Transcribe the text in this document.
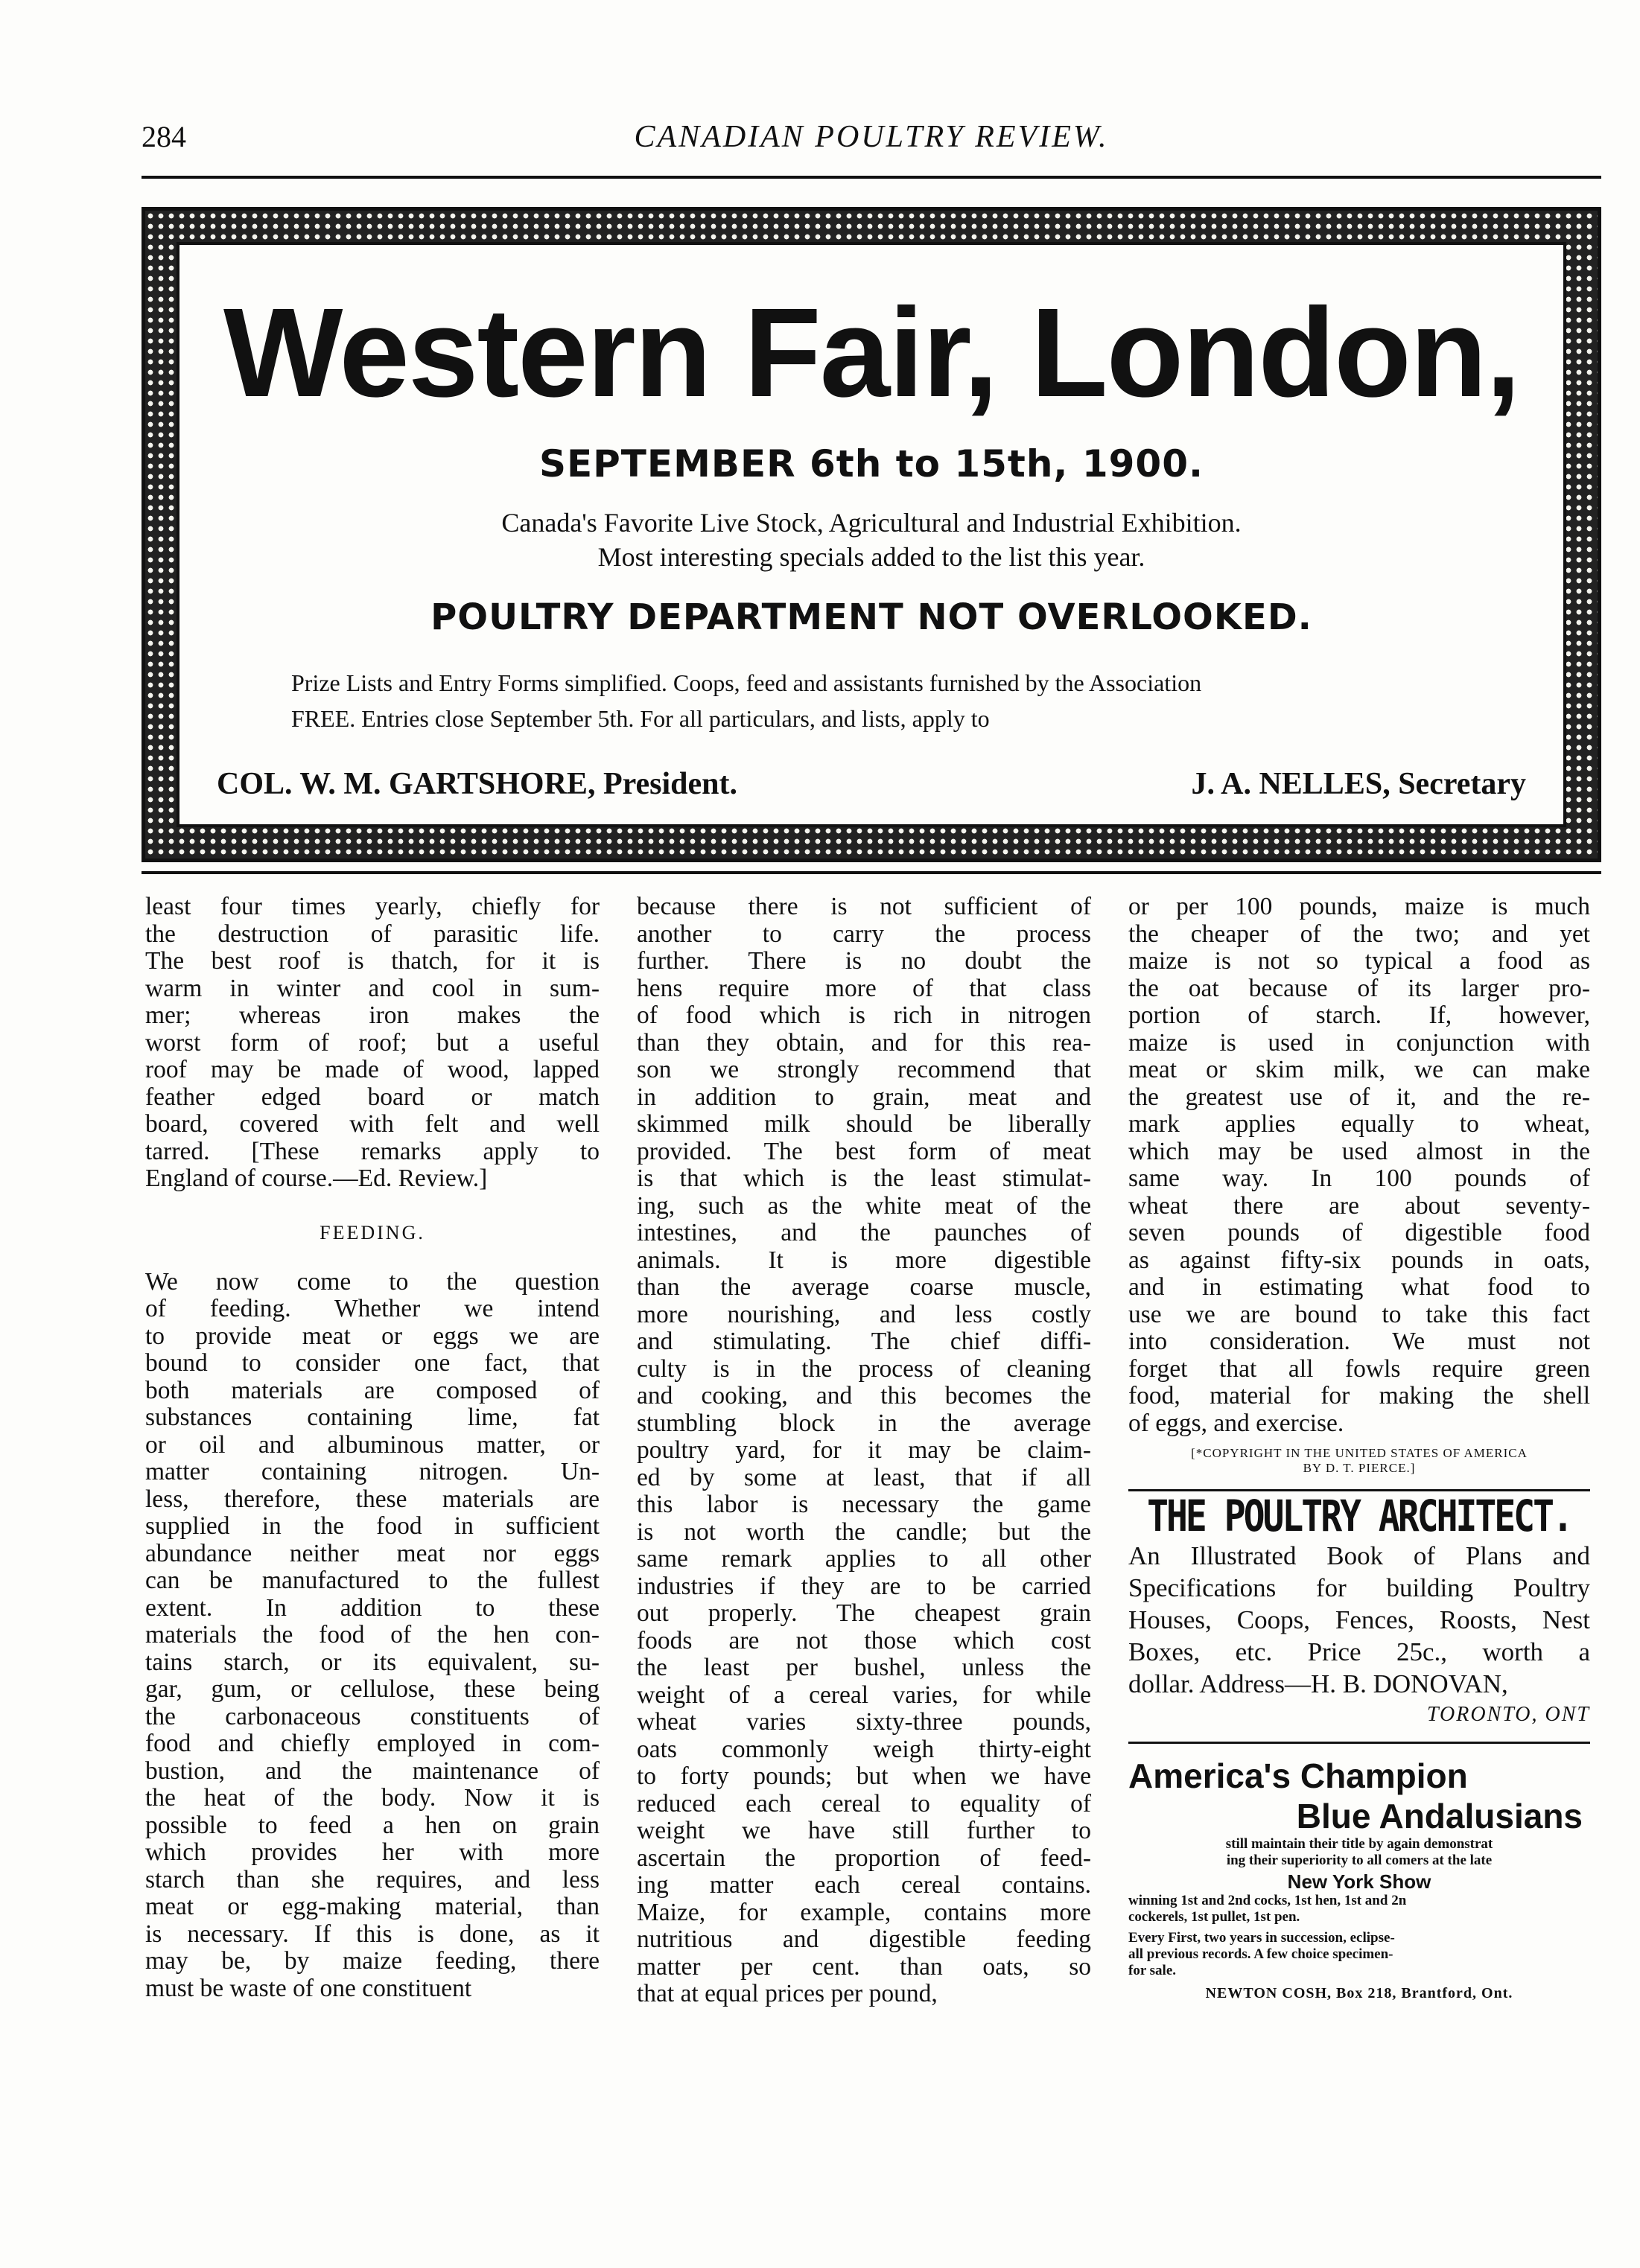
284	CANADIAN POULTRY REVIEW.
Western Fair, London,
SEPTEMBER 6th to 15th, 1900.
Canada's Favorite Live Stock, Agricultural and Industrial Exhibition.
Most interesting specials added to the list this year.
POULTRY DEPARTMENT NOT OVERLOOKED.
Prize Lists and Entry Forms simplified. Coops, feed and assistants furnished by the Association
FREE. Entries close September 5th. For all particulars, and lists, apply to
COL. W. M. GARTSHORE, President.	J. A. NELLES, Secretary
least four times yearly, chiefly for
the destruction of parasitic life.
The best roof is thatch, for it is
warm in winter and cool in sum-
mer; whereas iron makes the
worst form of roof; but a useful
roof may be made of wood, lapped
feather edged board or match
board, covered with felt and well
tarred. [These remarks apply to
England of course.—Ed. Review.]
FEEDING.
We now come to the question
of feeding. Whether we intend
to provide meat or eggs we are
bound to consider one fact, that
both materials are composed of
substances containing lime, fat
or oil and albuminous matter, or
matter containing nitrogen. Un-
less, therefore, these materials are
supplied in the food in sufficient
abundance neither meat nor eggs
can be manufactured to the fullest
extent. In addition to these
materials the food of the hen con-
tains starch, or its equivalent, su-
gar, gum, or cellulose, these being
the carbonaceous constituents of
food and chiefly employed in com-
bustion, and the maintenance of
the heat of the body. Now it is
possible to feed a hen on grain
which provides her with more
starch than she requires, and less
meat or egg-making material, than
is necessary. If this is done, as it
may be, by maize feeding, there
must be waste of one constituent
because there is not sufficient of
another to carry the process
further. There is no doubt the
hens require more of that class
of food which is rich in nitrogen
than they obtain, and for this rea-
son we strongly recommend that
in addition to grain, meat and
skimmed milk should be liberally
provided. The best form of meat
is that which is the least stimulat-
ing, such as the white meat of the
intestines, and the paunches of
animals. It is more digestible
than the average coarse muscle,
more nourishing, and less costly
and stimulating. The chief diffi-
culty is in the process of cleaning
and cooking, and this becomes the
stumbling block in the average
poultry yard, for it may be claim-
ed by some at least, that if all
this labor is necessary the game
is not worth the candle; but the
same remark applies to all other
industries if they are to be carried
out properly. The cheapest grain
foods are not those which cost
the least per bushel, unless the
weight of a cereal varies, for while
wheat varies sixty-three pounds,
oats commonly weigh thirty-eight
to forty pounds; but when we have
reduced each cereal to equality of
weight we have still further to
ascertain the proportion of feed-
ing matter each cereal contains.
Maize, for example, contains more
nutritious and digestible feeding
matter per cent. than oats, so
that at equal prices per pound,
or per 100 pounds, maize is much
the cheaper of the two; and yet
maize is not so typical a food as
the oat because of its larger pro-
portion of starch. If, however,
maize is used in conjunction with
meat or skim milk, we can make
the greatest use of it, and the re-
mark applies equally to wheat,
which may be used almost in the
same way. In 100 pounds of
wheat there are about seventy-
seven pounds of digestible food
as against fifty-six pounds in oats,
and in estimating what food to
use we are bound to take this fact
into consideration. We must not
forget that all fowls require green
food, material for making the shell
of eggs, and exercise.
[*COPYRIGHT IN THE UNITED STATES OF AMERICA
BY D. T. PIERCE.]
THE POULTRY ARCHITECT.
An Illustrated Book of Plans and
Specifications for building Poultry
Houses, Coops, Fences, Roosts, Nest
Boxes, etc. Price 25c., worth a
dollar. Address—H. B. DONOVAN,
TORONTO, ONT
America's Champion
Blue Andalusians
still maintain their title by again demonstrat
ing their superiority to all comers at the late
New York Show
winning 1st and 2nd cocks, 1st hen, 1st and 2n
cockerels, 1st pullet, 1st pen.
Every First, two years in succession, eclipse-
all previous records. A few choice specimen-
for sale.
NEWTON COSH, Box 218, Brantford, Ont.
